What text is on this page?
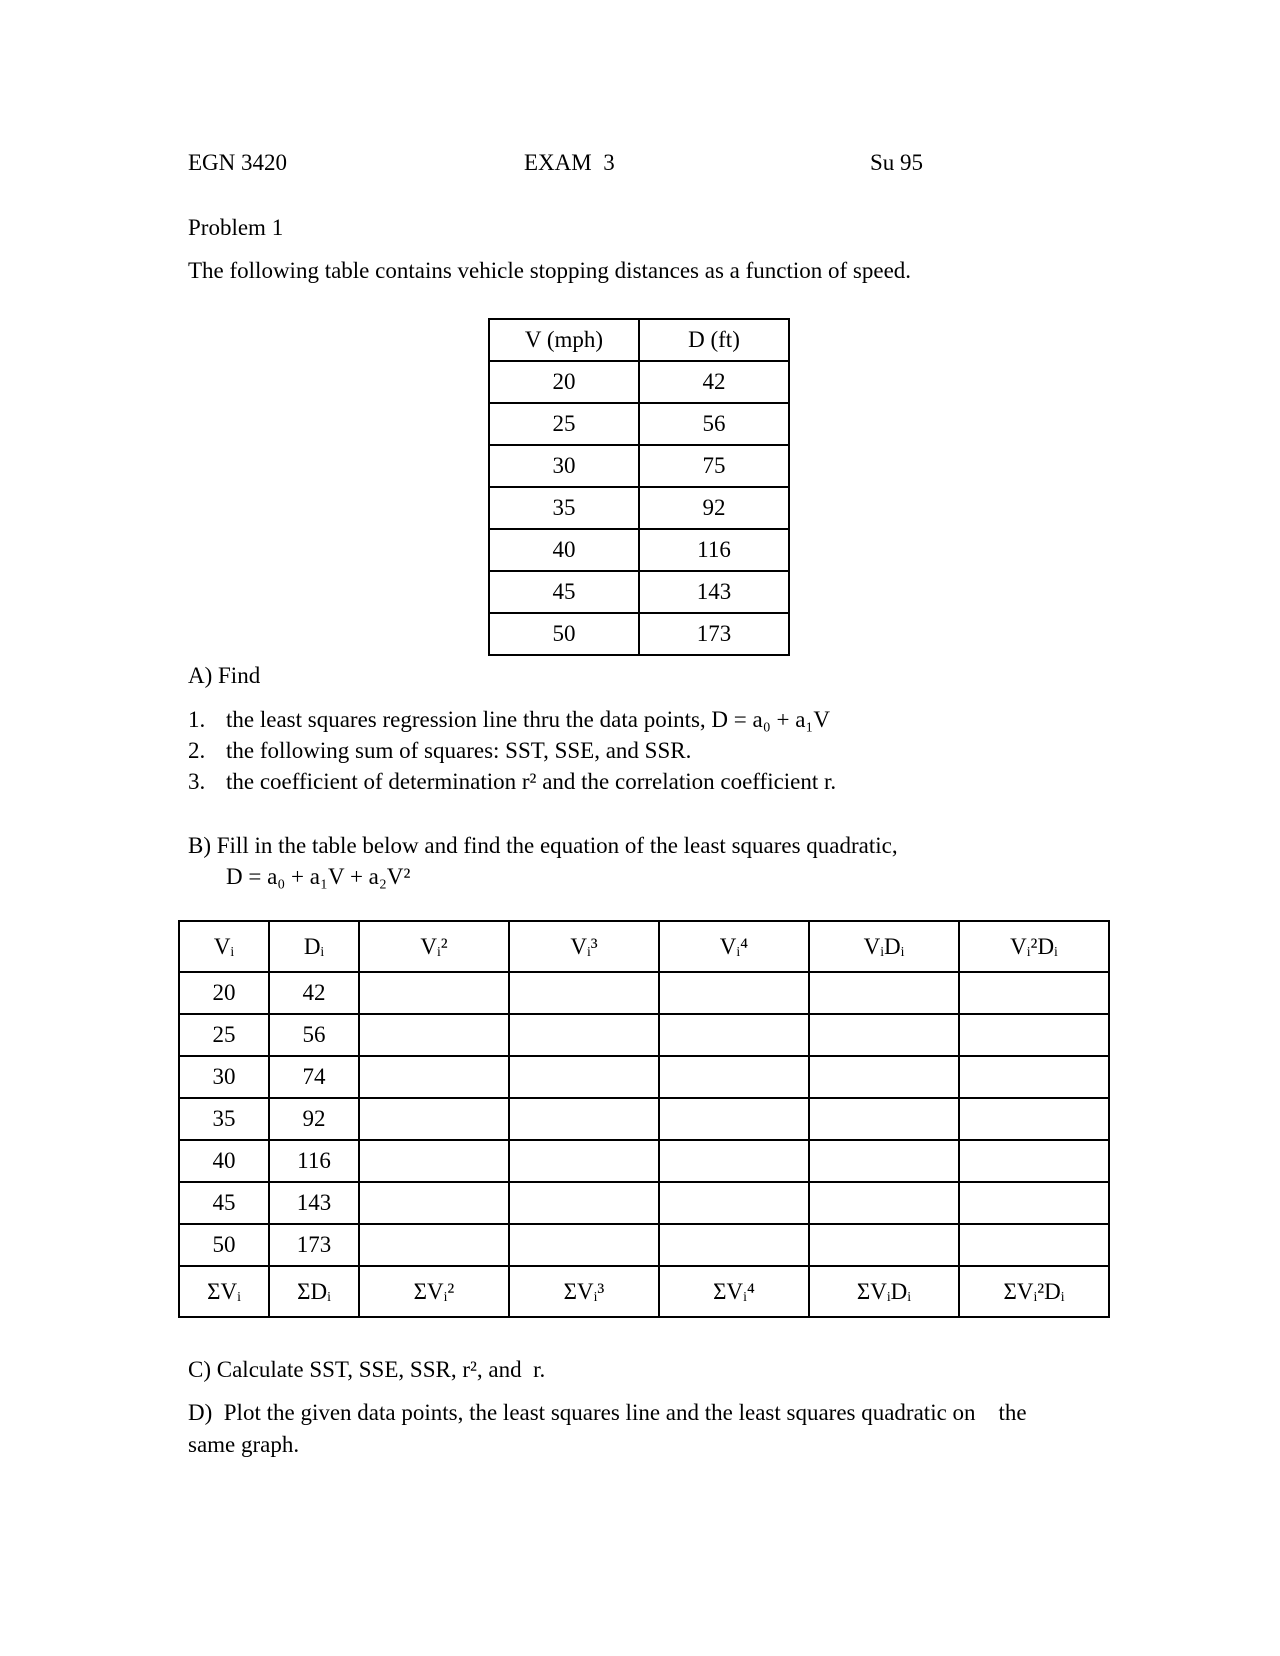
EGN 3420	EXAM  3	Su 95
Problem 1
The following table contains vehicle stopping distances as a function of speed.
V (mph)	D (ft)
20	42
25	56
30	75
35	92
40	116
45	143
50	173
A) Find
1. the least squares regression line thru the data points, D = a₀ + a₁V
2. the following sum of squares: SST, SSE, and SSR.
3. the coefficient of determination r² and the correlation coefficient r.
B) Fill in the table below and find the equation of the least squares quadratic,
D = a₀ + a₁V + a₂V²
Vᵢ	Dᵢ	Vᵢ²	Vᵢ³	Vᵢ⁴	VᵢDᵢ	Vᵢ²Dᵢ
20	42					
25	56					
30	74					
35	92					
40	116					
45	143					
50	173					
ΣVᵢ	ΣDᵢ	ΣVᵢ²	ΣVᵢ³	ΣVᵢ⁴	ΣVᵢDᵢ	ΣVᵢ²Dᵢ
C) Calculate SST, SSE, SSR, r², and  r.
D)  Plot the given data points, the least squares line and the least squares quadratic on    the
same graph.
